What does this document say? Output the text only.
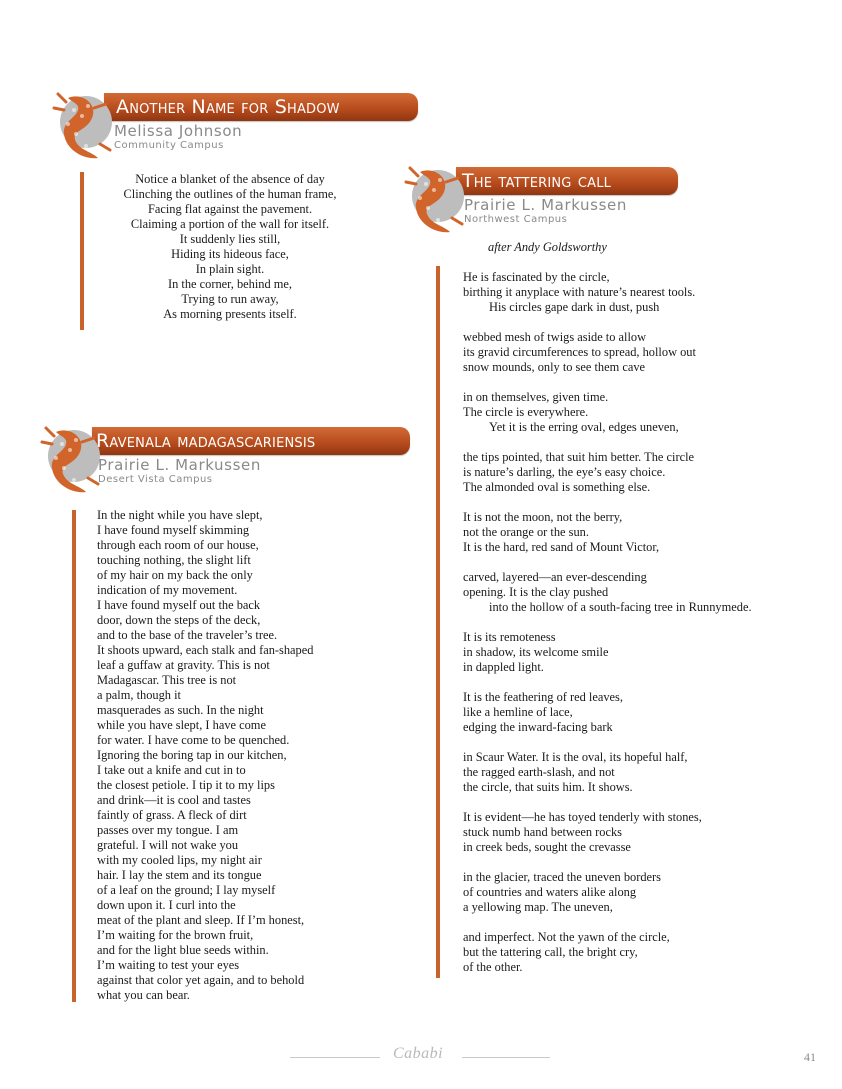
Another Name for Shadow
Melissa Johnson
Community Campus
Notice a blanket of the absence of day
Clinching the outlines of the human frame,
Facing flat against the pavement.
Claiming a portion of the wall for itself.
It suddenly lies still,
Hiding its hideous face,
In plain sight.
In the corner, behind me,
Trying to run away,
As morning presents itself.
Ravenala madagascariensis
Prairie L. Markussen
Desert Vista Campus
In the night while you have slept,
I have found myself skimming
through each room of our house,
touching nothing, the slight lift
of my hair on my back the only
indication of my movement.
I have found myself out the back
door, down the steps of the deck,
and to the base of the traveler’s tree.
It shoots upward, each stalk and fan-shaped
leaf a guffaw at gravity. This is not
Madagascar. This tree is not
a palm, though it
masquerades as such. In the night
while you have slept, I have come
for water. I have come to be quenched.
Ignoring the boring tap in our kitchen,
I take out a knife and cut in to
the closest petiole. I tip it to my lips
and drink—it is cool and tastes
faintly of grass. A fleck of dirt
passes over my tongue. I am
grateful. I will not wake you
with my cooled lips, my night air
hair. I lay the stem and its tongue
of a leaf on the ground; I lay myself
down upon it. I curl into the
meat of the plant and sleep. If I’m honest,
I’m waiting for the brown fruit,
and for the light blue seeds within.
I’m waiting to test your eyes
against that color yet again, and to behold
what you can bear.
The tattering call
Prairie L. Markussen
Northwest Campus
after Andy Goldsworthy
He is fascinated by the circle,
birthing it anyplace with nature’s nearest tools.
His circles gape dark in dust, push
webbed mesh of twigs aside to allow
its gravid circumferences to spread, hollow out
snow mounds, only to see them cave
in on themselves, given time.
The circle is everywhere.
Yet it is the erring oval, edges uneven,
the tips pointed, that suit him better. The circle
is nature’s darling, the eye’s easy choice.
The almonded oval is something else.
It is not the moon, not the berry,
not the orange or the sun.
It is the hard, red sand of Mount Victor,
carved, layered—an ever-descending
opening. It is the clay pushed
into the hollow of a south-facing tree in Runnymede.
It is its remoteness
in shadow, its welcome smile
in dappled light.
It is the feathering of red leaves,
like a hemline of lace,
edging the inward-facing bark
in Scaur Water. It is the oval, its hopeful half,
the ragged earth-slash, and not
the circle, that suits him. It shows.
It is evident—he has toyed tenderly with stones,
stuck numb hand between rocks
in creek beds, sought the crevasse
in the glacier, traced the uneven borders
of countries and waters alike along
a yellowing map. The uneven,
and imperfect. Not the yawn of the circle,
but the tattering call, the bright cry,
of the other.
Cababi	41
